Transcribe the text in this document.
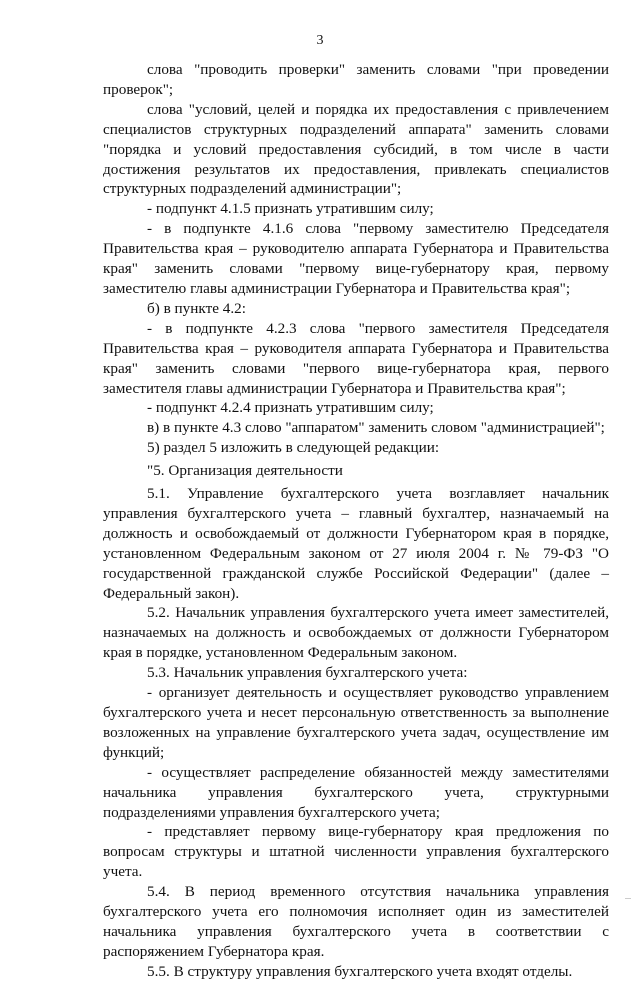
3

слова "проводить проверки" заменить словами "при проведении проверок";

слова "условий, целей и порядка их предоставления с привлечением специалистов структурных подразделений аппарата" заменить словами "порядка и условий предоставления субсидий, в том числе в части достижения результатов их предоставления, привлекать специалистов структурных подразделений администрации";

- подпункт 4.1.5 признать утратившим силу;

- в подпункте 4.1.6 слова "первому заместителю Председателя Правительства края – руководителю аппарата Губернатора и Правительства края" заменить словами "первому вице-губернатору края, первому заместителю главы администрации Губернатора и Правительства края";

б) в пункте 4.2:

- в подпункте 4.2.3 слова "первого заместителя Председателя Правительства края – руководителя аппарата Губернатора и Правительства края" заменить словами "первого вице-губернатора края, первого заместителя главы администрации Губернатора и Правительства края";

- подпункт 4.2.4 признать утратившим силу;

в) в пункте 4.3 слово "аппаратом" заменить словом "администрацией";

5) раздел 5 изложить в следующей редакции:

"5. Организация деятельности

5.1. Управление бухгалтерского учета возглавляет начальник управления бухгалтерского учета – главный бухгалтер, назначаемый на должность и освобождаемый от должности Губернатором края в порядке, установленном Федеральным законом от 27 июля 2004 г. № 79-ФЗ "О государственной гражданской службе Российской Федерации" (далее – Федеральный закон).

5.2. Начальник управления бухгалтерского учета имеет заместителей, назначаемых на должность и освобождаемых от должности Губернатором края в порядке, установленном Федеральным законом.

5.3. Начальник управления бухгалтерского учета:

- организует деятельность и осуществляет руководство управлением бухгалтерского учета и несет персональную ответственность за выполнение возложенных на управление бухгалтерского учета задач, осуществление им функций;

- осуществляет распределение обязанностей между заместителями начальника управления бухгалтерского учета, структурными подразделениями управления бухгалтерского учета;

- представляет первому вице-губернатору края предложения по вопросам структуры и штатной численности управления бухгалтерского учета.

5.4. В период временного отсутствия начальника управления бухгалтерского учета его полномочия исполняет один из заместителей начальника управления бухгалтерского учета в соответствии с распоряжением Губернатора края.

5.5. В структуру управления бухгалтерского учета входят отделы.
